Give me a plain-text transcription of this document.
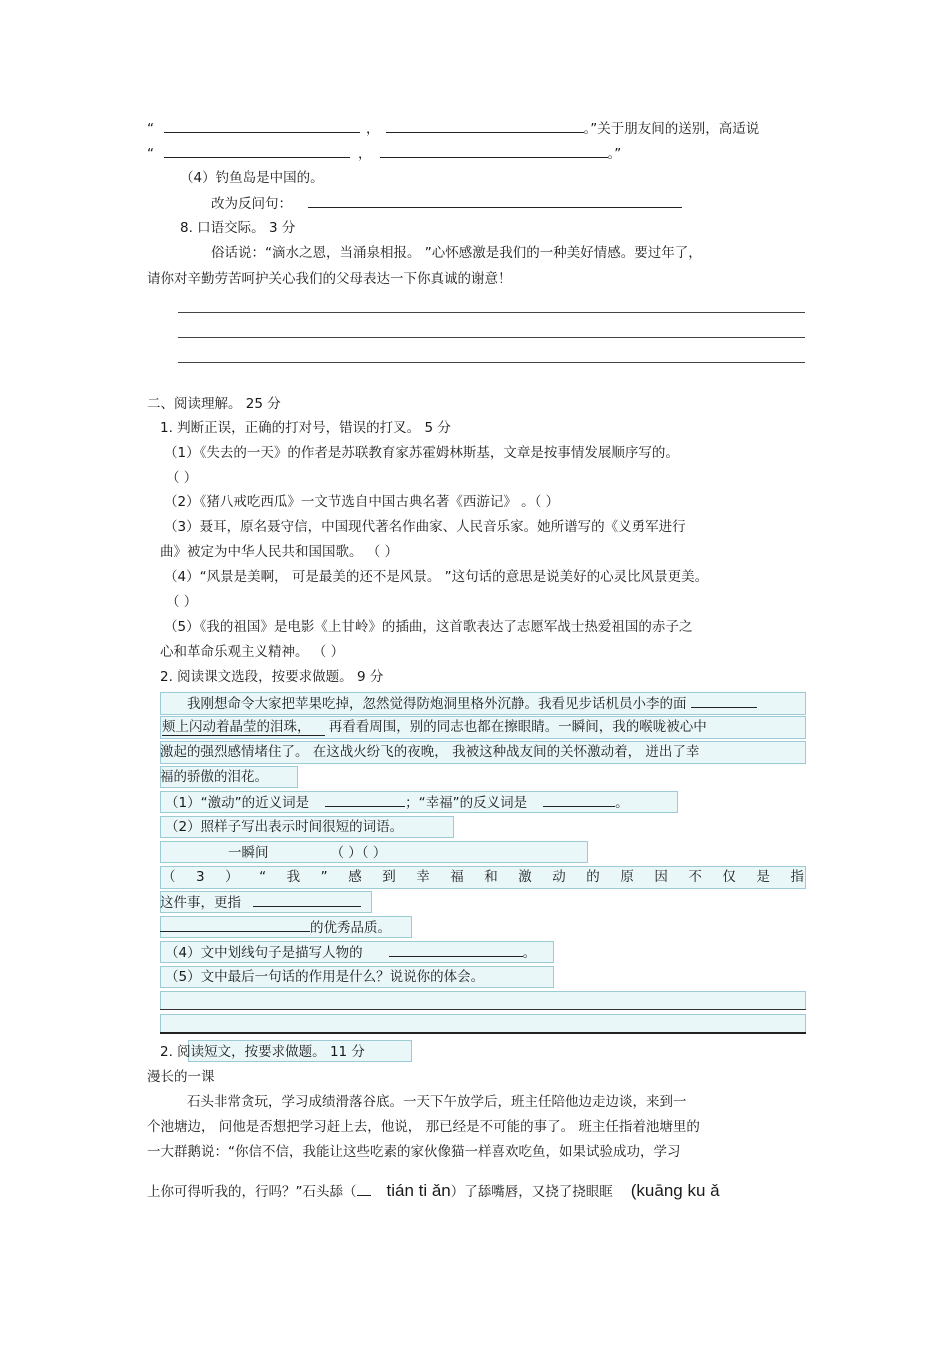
“	，	。”关于朋友间的送别，高适说
“	，	。”
（4）钓鱼岛是中国的。
改为反问句：
8. 口语交际。 3 分
俗话说：“滴水之恩，当涌泉相报。 ”心怀感激是我们的一种美好情感。要过年了，
请你对辛勤劳苦呵护关心我们的父母表达一下你真诚的谢意！
二、阅读理解。 25 分
1. 判断正误，正确的打对号，错误的打叉。 5 分
（1）《失去的一天》的作者是苏联教育家苏霍姆林斯基，文章是按事情发展顺序写的。
（ ）
（2）《猪八戒吃西瓜》一文节选自中国古典名著《西游记》 。（ ）
（3）聂耳，原名聂守信，中国现代著名作曲家、人民音乐家。她所谱写的《义勇军进行
曲》被定为中华人民共和国国歌。 （ ）
（4）“风景是美啊， 可是最美的还不是风景。 ”这句话的意思是说美好的心灵比风景更美。
（ ）
（5）《我的祖国》是电影《上甘岭》的插曲，这首歌表达了志愿军战士热爱祖国的赤子之
心和革命乐观主义精神。 （ ）
2. 阅读课文选段，按要求做题。 9 分
我刚想命令大家把苹果吃掉，忽然觉得防炮洞里格外沉静。我看见步话机员小李的面
颊上闪动着晶莹的泪珠， 再看看周围，别的同志也都在擦眼睛。一瞬间，我的喉咙被心中
激起的强烈感情堵住了。 在这战火纷飞的夜晚， 我被这种战友间的关怀激动着， 迸出了幸
福的骄傲的泪花。
（1）“激动”的近义词是	；“幸福”的反义词是	。
（2）照样子写出表示时间很短的词语。
一瞬间	（ ）（ ）
（ 3 ） “ 我 ” 感 到 幸 福 和 激 动 的 原 因 不 仅 是 指
这件事，更指
的优秀品质。
（4）文中划线句子是描写人物的	。
（5）文中最后一句话的作用是什么？说说你的体会。
2. 阅读短文，按要求做题。 11 分
漫长的一课
石头非常贪玩，学习成绩滑落谷底。一天下午放学后，班主任陪他边走边谈，来到一
个池塘边， 问他是否想把学习赶上去，他说， 那已经是不可能的事了。 班主任指着池塘里的
一大群鹅说：“你信不信，我能让这些吃素的家伙像猫一样喜欢吃鱼，如果试验成功，学习
上你可得听我的，行吗？”石头舔（ tián ti ǎn）了舔嘴唇，又挠了挠眼眶 (kuāng ku ǎ
